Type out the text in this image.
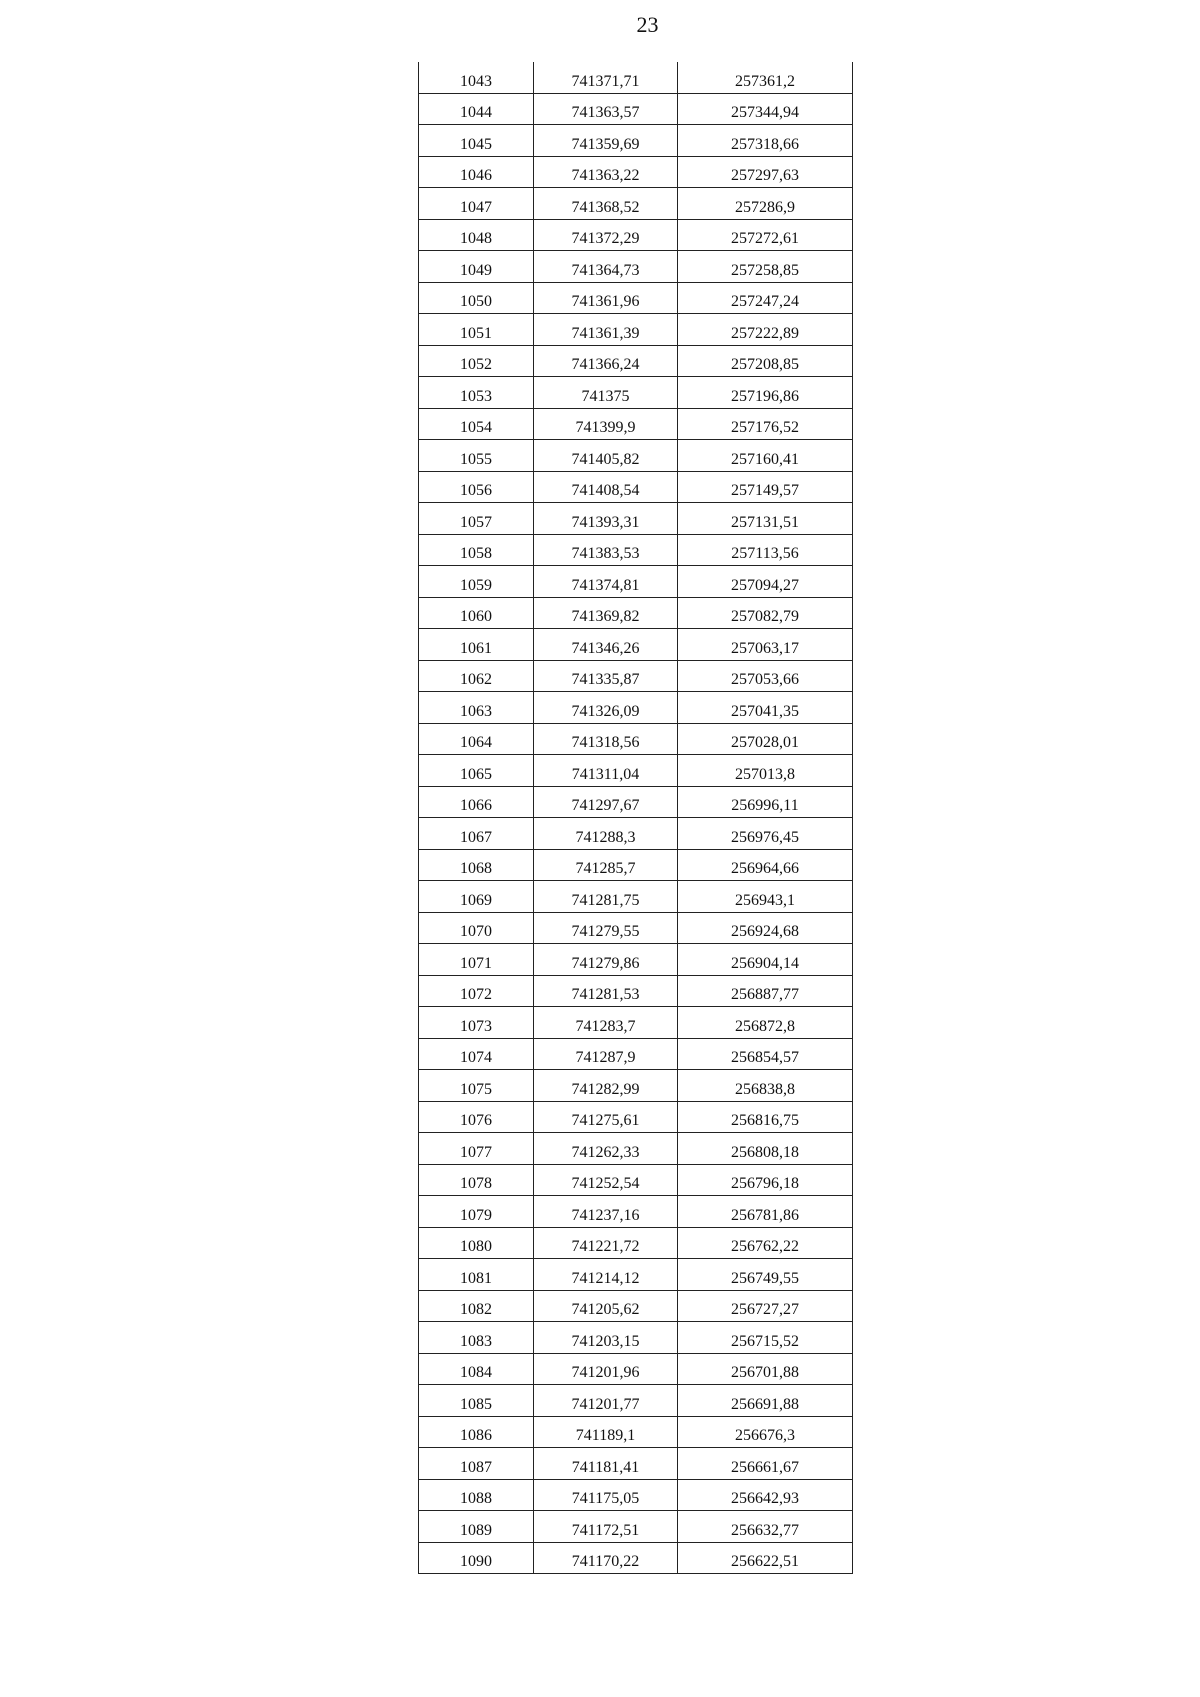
23
1043	741371,71	257361,2
1044	741363,57	257344,94
1045	741359,69	257318,66
1046	741363,22	257297,63
1047	741368,52	257286,9
1048	741372,29	257272,61
1049	741364,73	257258,85
1050	741361,96	257247,24
1051	741361,39	257222,89
1052	741366,24	257208,85
1053	741375	257196,86
1054	741399,9	257176,52
1055	741405,82	257160,41
1056	741408,54	257149,57
1057	741393,31	257131,51
1058	741383,53	257113,56
1059	741374,81	257094,27
1060	741369,82	257082,79
1061	741346,26	257063,17
1062	741335,87	257053,66
1063	741326,09	257041,35
1064	741318,56	257028,01
1065	741311,04	257013,8
1066	741297,67	256996,11
1067	741288,3	256976,45
1068	741285,7	256964,66
1069	741281,75	256943,1
1070	741279,55	256924,68
1071	741279,86	256904,14
1072	741281,53	256887,77
1073	741283,7	256872,8
1074	741287,9	256854,57
1075	741282,99	256838,8
1076	741275,61	256816,75
1077	741262,33	256808,18
1078	741252,54	256796,18
1079	741237,16	256781,86
1080	741221,72	256762,22
1081	741214,12	256749,55
1082	741205,62	256727,27
1083	741203,15	256715,52
1084	741201,96	256701,88
1085	741201,77	256691,88
1086	741189,1	256676,3
1087	741181,41	256661,67
1088	741175,05	256642,93
1089	741172,51	256632,77
1090	741170,22	256622,51
